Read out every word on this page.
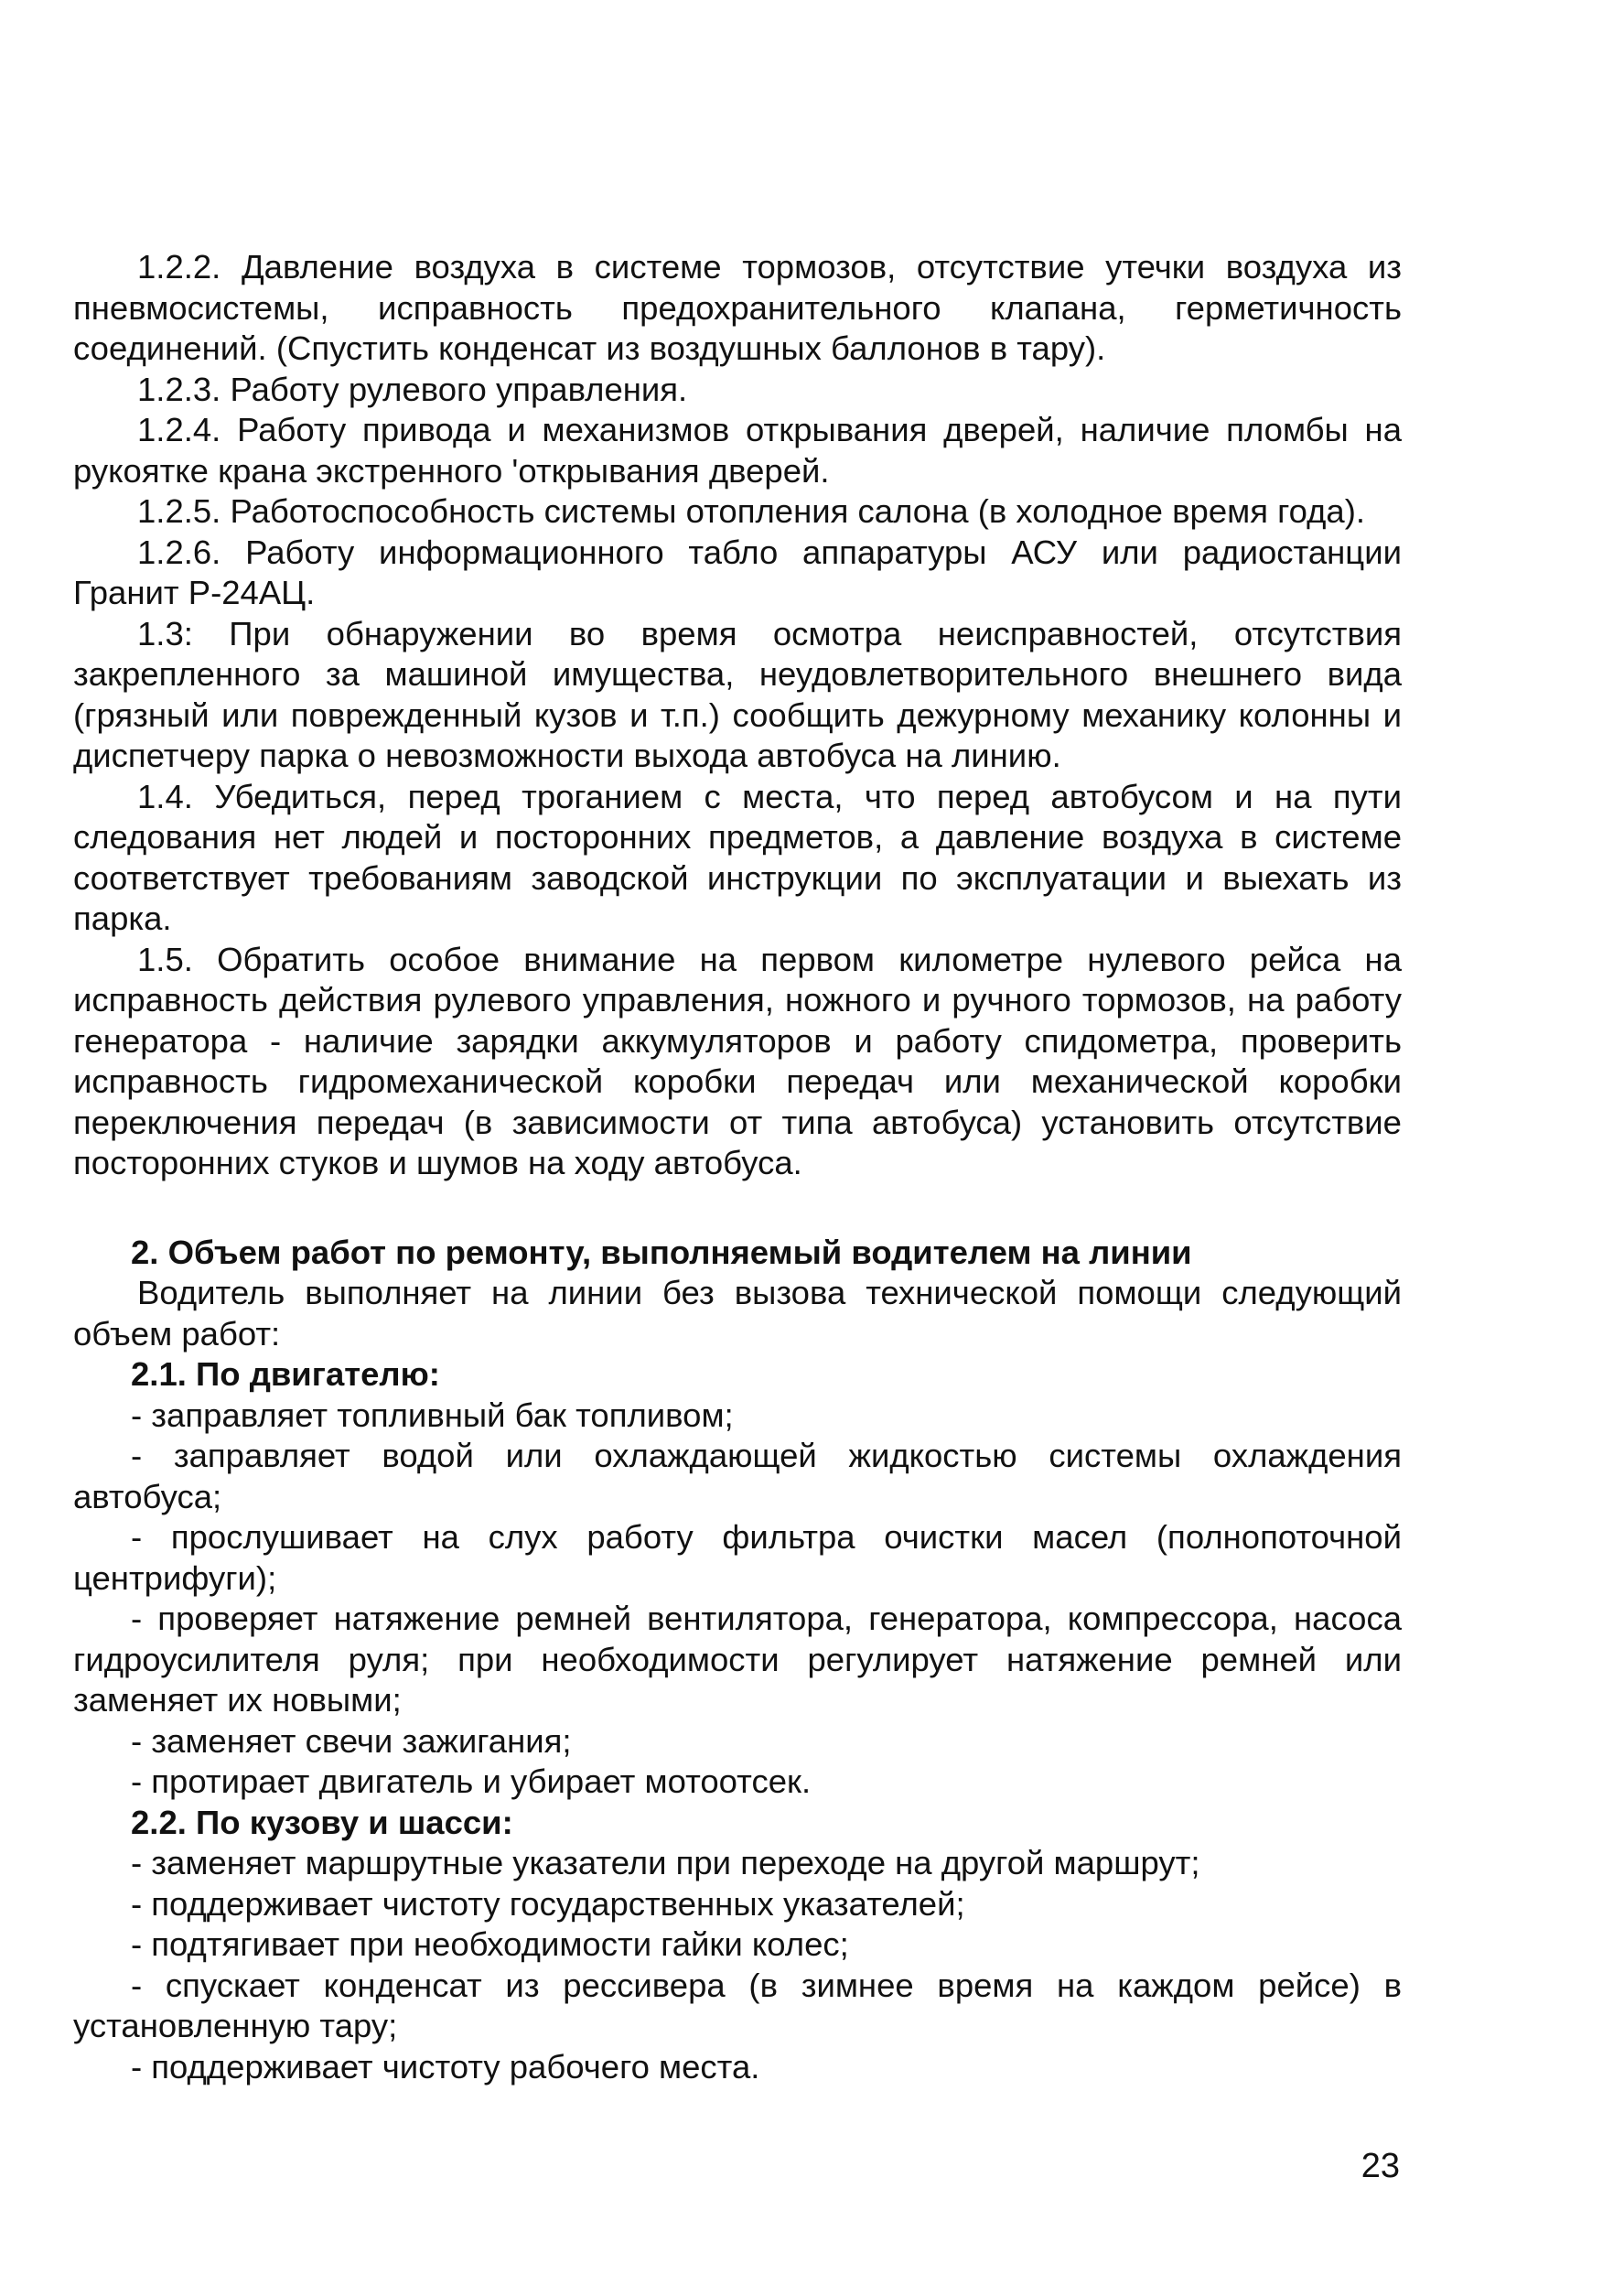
1.2.2. Давление воздуха в системе тормозов, отсутствие утечки воздуха из пневмосистемы, исправность предохранительного клапана, герметичность соединений. (Спустить конденсат из воздушных баллонов в тару).

1.2.3. Работу рулевого управления.

1.2.4. Работу привода и механизмов открывания дверей, наличие пломбы на рукоятке крана экстренного 'открывания дверей.

1.2.5. Работоспособность системы отопления салона (в холодное время года).

1.2.6. Работу информационного табло аппаратуры АСУ или радиостанции Гранит Р-24АЦ.

1.3: При обнаружении во время осмотра неисправностей, отсутствия закрепленного за машиной имущества, неудовлетворительного внешнего вида (грязный или поврежденный кузов и т.п.) сообщить дежурному механику колонны и диспетчеру парка о невозможности выхода автобуса на линию.

1.4. Убедиться, перед троганием с места, что перед автобусом и на пути следования нет людей и посторонних предметов, а давление воздуха в системе соответствует требованиям заводской инструкции по эксплуатации и выехать из парка.

1.5. Обратить особое внимание на первом километре нулевого рейса на исправность действия рулевого управления, ножного и ручного тормозов, на работу генератора - наличие зарядки аккумуляторов и работу спидометра, проверить исправность гидромеханической коробки передач или механической коробки переключения передач (в зависимости от типа автобуса) установить отсутствие посторонних стуков и шумов на ходу автобуса.

2. Объем работ по ремонту, выполняемый водителем на линии

Водитель выполняет на линии без вызова технической помощи следующий объем работ:

2.1. По двигателю:

- заправляет топливный бак топливом;

- заправляет водой или охлаждающей жидкостью системы охлаждения автобуса;

- прослушивает на слух работу фильтра очистки масел (полнопоточной центрифуги);

- проверяет натяжение ремней вентилятора, генератора, компрессора, насоса гидроусилителя руля; при необходимости регулирует натяжение ремней или заменяет их новыми;

- заменяет свечи зажигания;

- протирает двигатель и убирает мотоотсек.

2.2. По кузову и шасси:

- заменяет маршрутные указатели при переходе на другой маршрут;

- поддерживает чистоту государственных указателей;

- подтягивает при необходимости гайки колес;

- спускает конденсат из рессивера (в зимнее время на каждом рейсе) в установленную тару;

- поддерживает чистоту рабочего места.

23
